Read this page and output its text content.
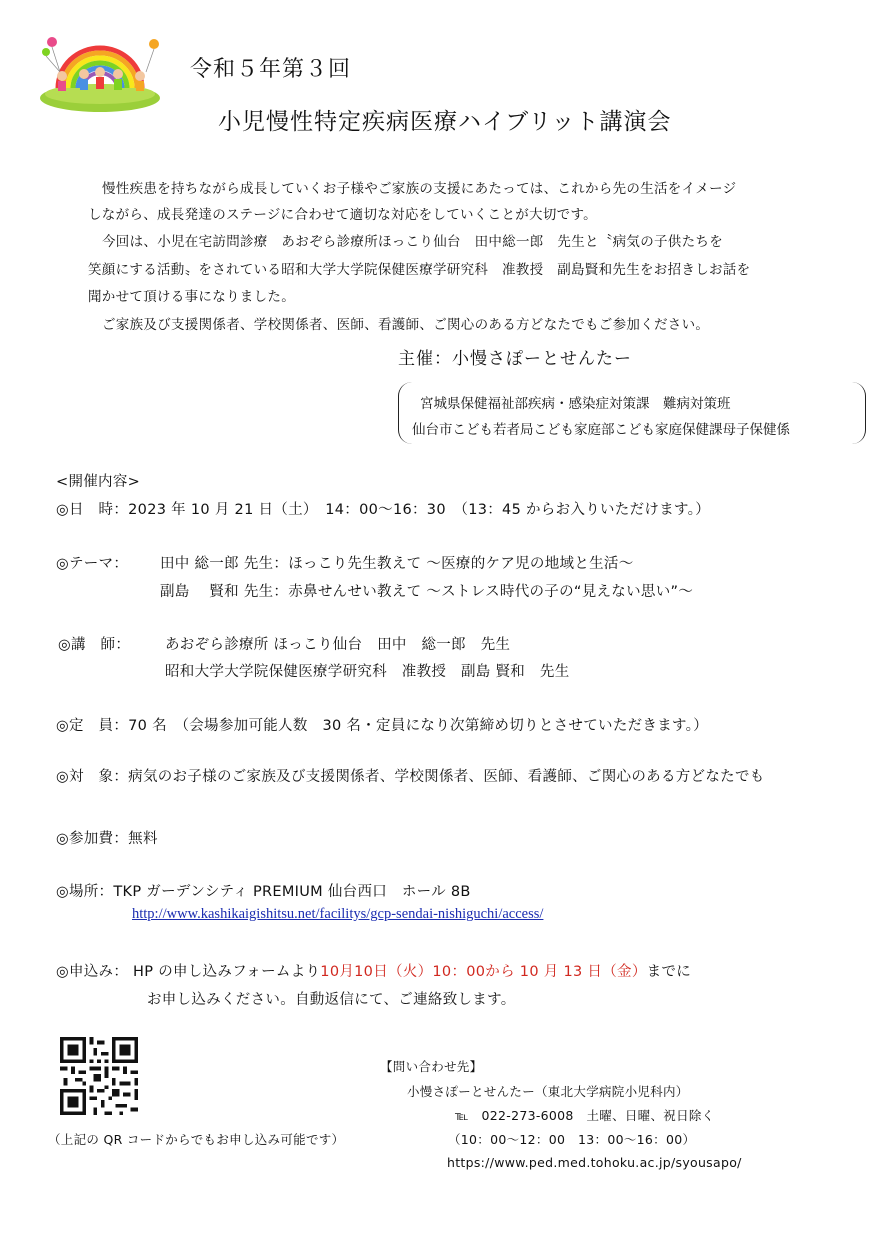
令和５年第３回
小児慢性特定疾病医療ハイブリット講演会
慢性疾患を持ちながら成長していくお子様やご家族の支援にあたっては、これから先の生活をイメージ
しながら、成長発達のステージに合わせて適切な対応をしていくことが大切です。
今回は、小児在宅訪問診療　あおぞら診療所ほっこり仙台　田中総一郎　先生と〝病気の子供たちを
笑顔にする活動〟をされている昭和大学大学院保健医療学研究科　准教授　副島賢和先生をお招きしお話を
聞かせて頂ける事になりました。
ご家族及び支援関係者、学校関係者、医師、看護師、ご関心のある方どなたでもご参加ください。
主催：小慢さぽーとせんたー
宮城県保健福祉部疾病・感染症対策課　難病対策班
仙台市こども若者局こども家庭部こども家庭保健課母子保健係
<開催内容>
◎日　時：2023 年 10 月 21 日（土）　14：00〜16：30　（13：45 からお入りいただけます。）
◎テーマ： 田中 総一郎 先生：ほっこり先生教えて ～医療的ケア児の地域と生活～
副島　 賢和 先生：赤鼻せんせい教えて ～ストレス時代の子の“見えない思い”～
◎講　師： あおぞら診療所 ほっこり仙台　田中　総一郎　先生
昭和大学大学院保健医療学研究科　准教授　副島 賢和　先生
◎定　員：70 名　（会場参加可能人数　30 名・定員になり次第締め切りとさせていただきます。）
◎対　象：病気のお子様のご家族及び支援関係者、学校関係者、医師、看護師、ご関心のある方どなたでも
◎参加費：無料
◎場所：TKP ガーデンシティ PREMIUM 仙台西口　ホール 8B
http://www.kashikaigishitsu.net/facilitys/gcp-sendai-nishiguchi/access/
◎申込み： HP の申し込みフォームより10月10日（火）10：00から 10 月 13 日（金）までに
お申し込みください。自動返信にて、ご連絡致します。
（上記の QR コードからでもお申し込み可能です）
【問い合わせ先】
小慢さぽーとせんたー（東北大学病院小児科内）
℡　022-273-6008　土曜、日曜、祝日除く
（10：00～12：00　13：00～16：00）
https://www.ped.med.tohoku.ac.jp/syousapo/
